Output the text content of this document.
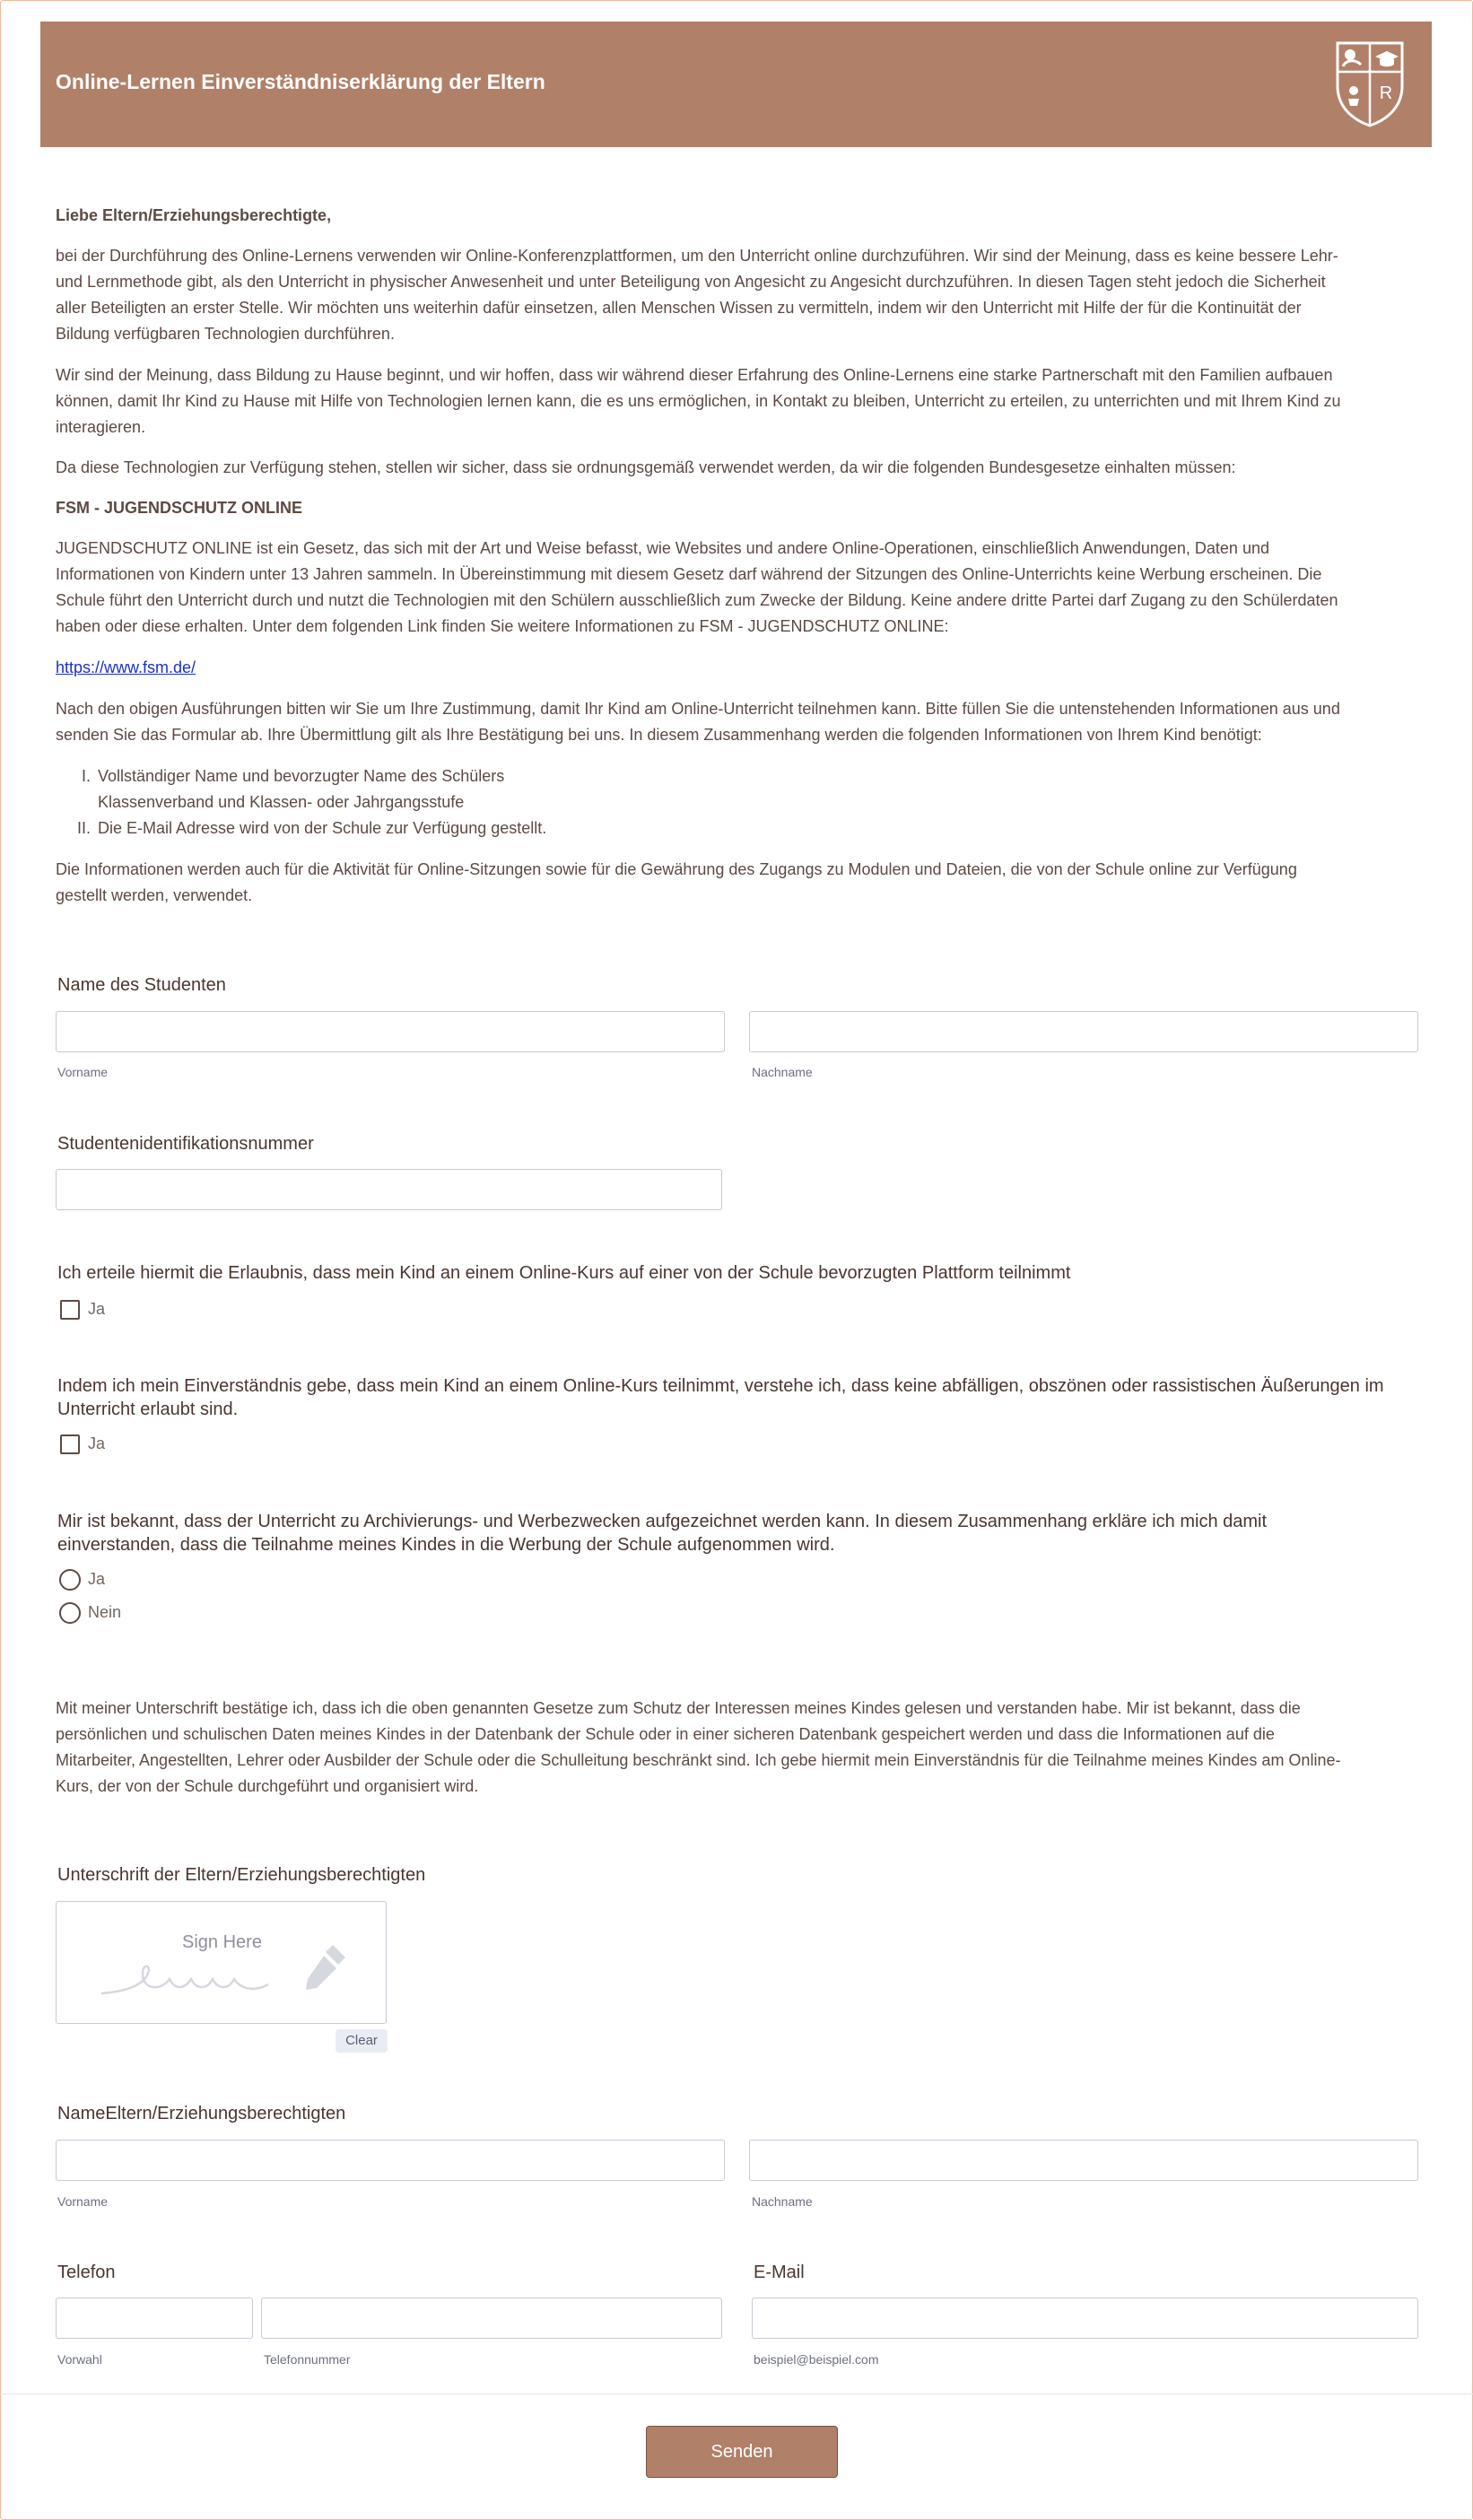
Online-Lernen Einverständniserklärung der Eltern	R

Liebe Eltern/Erziehungsberechtigte,

bei der Durchführung des Online-Lernens verwenden wir Online-Konferenzplattformen, um den Unterricht online durchzuführen. Wir sind der Meinung, dass es keine bessere Lehr-

und Lernmethode gibt, als den Unterricht in physischer Anwesenheit und unter Beteiligung von Angesicht zu Angesicht durchzuführen. In diesen Tagen steht jedoch die Sicherheit

aller Beteiligten an erster Stelle. Wir möchten uns weiterhin dafür einsetzen, allen Menschen Wissen zu vermitteln, indem wir den Unterricht mit Hilfe der für die Kontinuität der

Bildung verfügbaren Technologien durchführen.

Wir sind der Meinung, dass Bildung zu Hause beginnt, und wir hoffen, dass wir während dieser Erfahrung des Online-Lernens eine starke Partnerschaft mit den Familien aufbauen

können, damit Ihr Kind zu Hause mit Hilfe von Technologien lernen kann, die es uns ermöglichen, in Kontakt zu bleiben, Unterricht zu erteilen, zu unterrichten und mit Ihrem Kind zu

interagieren.

Da diese Technologien zur Verfügung stehen, stellen wir sicher, dass sie ordnungsgemäß verwendet werden, da wir die folgenden Bundesgesetze einhalten müssen:

FSM - JUGENDSCHUTZ ONLINE

JUGENDSCHUTZ ONLINE ist ein Gesetz, das sich mit der Art und Weise befasst, wie Websites und andere Online-Operationen, einschließlich Anwendungen, Daten und

Informationen von Kindern unter 13 Jahren sammeln. In Übereinstimmung mit diesem Gesetz darf während der Sitzungen des Online-Unterrichts keine Werbung erscheinen. Die

Schule führt den Unterricht durch und nutzt die Technologien mit den Schülern ausschließlich zum Zwecke der Bildung. Keine andere dritte Partei darf Zugang zu den Schülerdaten

haben oder diese erhalten. Unter dem folgenden Link finden Sie weitere Informationen zu FSM - JUGENDSCHUTZ ONLINE:

https://www.fsm.de/

Nach den obigen Ausführungen bitten wir Sie um Ihre Zustimmung, damit Ihr Kind am Online-Unterricht teilnehmen kann. Bitte füllen Sie die untenstehenden Informationen aus und

senden Sie das Formular ab. Ihre Übermittlung gilt als Ihre Bestätigung bei uns. In diesem Zusammenhang werden die folgenden Informationen von Ihrem Kind benötigt:

I. Vollständiger Name und bevorzugter Name des Schülers
Klassenverband und Klassen- oder Jahrgangsstufe
II. Die E-Mail Adresse wird von der Schule zur Verfügung gestellt.

Die Informationen werden auch für die Aktivität für Online-Sitzungen sowie für die Gewährung des Zugangs zu Modulen und Dateien, die von der Schule online zur Verfügung

gestellt werden, verwendet.

Name des Studenten
Vorname	Nachname
Studentenidentifikationsnummer
Ich erteile hiermit die Erlaubnis, dass mein Kind an einem Online-Kurs auf einer von der Schule bevorzugten Plattform teilnimmt
Ja
Indem ich mein Einverständnis gebe, dass mein Kind an einem Online-Kurs teilnimmt, verstehe ich, dass keine abfälligen, obszönen oder rassistischen Äußerungen im
Unterricht erlaubt sind.
Ja
Mir ist bekannt, dass der Unterricht zu Archivierungs- und Werbezwecken aufgezeichnet werden kann. In diesem Zusammenhang erkläre ich mich damit
einverstanden, dass die Teilnahme meines Kindes in die Werbung der Schule aufgenommen wird.
Ja
Nein

Mit meiner Unterschrift bestätige ich, dass ich die oben genannten Gesetze zum Schutz der Interessen meines Kindes gelesen und verstanden habe. Mir ist bekannt, dass die

persönlichen und schulischen Daten meines Kindes in der Datenbank der Schule oder in einer sicheren Datenbank gespeichert werden und dass die Informationen auf die

Mitarbeiter, Angestellten, Lehrer oder Ausbilder der Schule oder die Schulleitung beschränkt sind. Ich gebe hiermit mein Einverständnis für die Teilnahme meines Kindes am Online-

Kurs, der von der Schule durchgeführt und organisiert wird.

Unterschrift der Eltern/Erziehungsberechtigten
Sign Here
Clear
NameEltern/Erziehungsberechtigten
Vorname	Nachname
Telefon
Vorwahl	Telefonnummer
E-Mail
beispiel@beispiel.com
Senden
